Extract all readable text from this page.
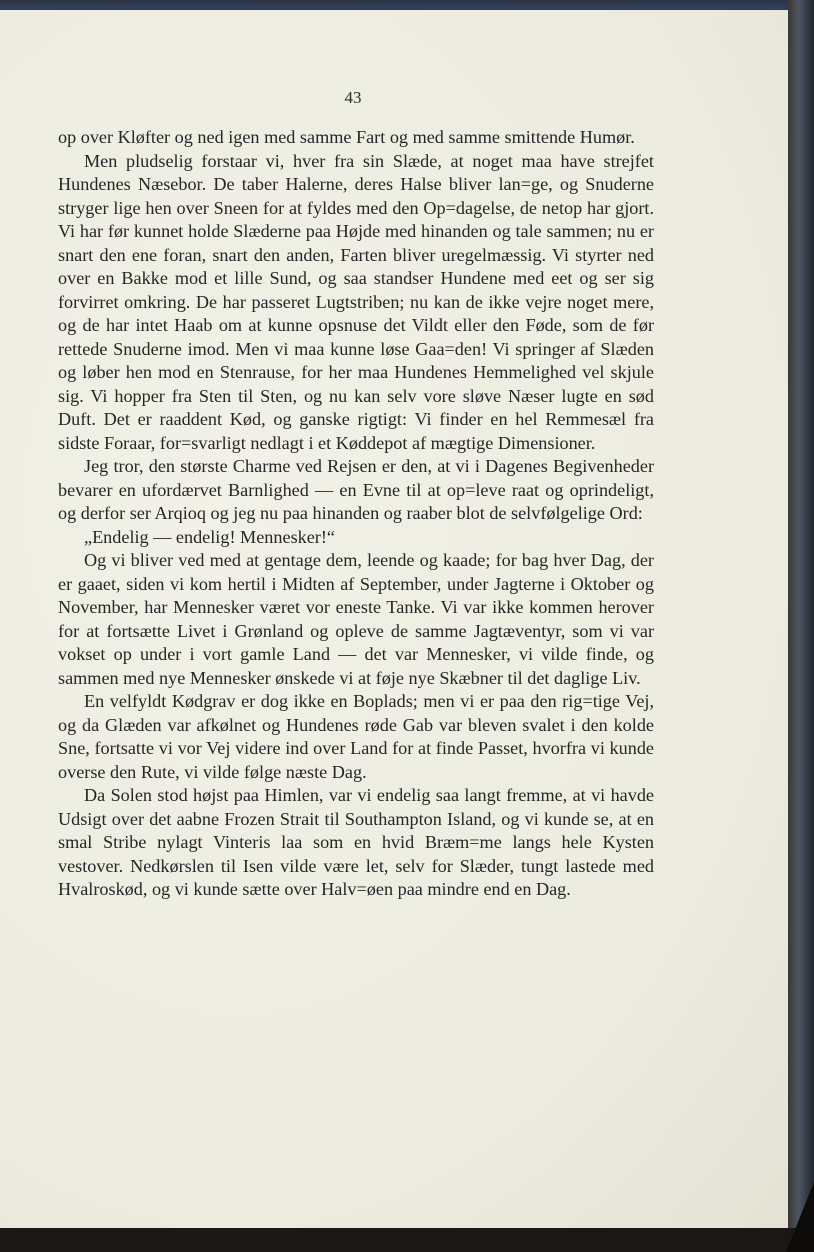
43

op over Kløfter og ned igen med samme Fart og med samme smittende Humør.

Men pludselig forstaar vi, hver fra sin Slæde, at noget maa have strejfet Hundenes Næsebor. De taber Halerne, deres Halse bliver lan=ge, og Snuderne stryger lige hen over Sneen for at fyldes med den Op=dagelse, de netop har gjort. Vi har før kunnet holde Slæderne paa Højde med hinanden og tale sammen; nu er snart den ene foran, snart den anden, Farten bliver uregelmæssig. Vi styrter ned over en Bakke mod et lille Sund, og saa standser Hundene med eet og ser sig forvirret omkring. De har passeret Lugtstriben; nu kan de ikke vejre noget mere, og de har intet Haab om at kunne opsnuse det Vildt eller den Føde, som de før rettede Snuderne imod. Men vi maa kunne løse Gaa=den! Vi springer af Slæden og løber hen mod en Stenrause, for her maa Hundenes Hemmelighed vel skjule sig. Vi hopper fra Sten til Sten, og nu kan selv vore sløve Næser lugte en sød Duft. Det er raaddent Kød, og ganske rigtigt: Vi finder en hel Remmesæl fra sidste Foraar, for=svarligt nedlagt i et Køddepot af mægtige Dimensioner.

Jeg tror, den største Charme ved Rejsen er den, at vi i Dagenes Begivenheder bevarer en ufordærvet Barnlighed — en Evne til at op=leve raat og oprindeligt, og derfor ser Arqioq og jeg nu paa hinanden og raaber blot de selvfølgelige Ord:

„Endelig — endelig! Mennesker!“

Og vi bliver ved med at gentage dem, leende og kaade; for bag hver Dag, der er gaaet, siden vi kom hertil i Midten af September, under Jagterne i Oktober og November, har Mennesker været vor eneste Tanke. Vi var ikke kommen herover for at fortsætte Livet i Grønland og opleve de samme Jagtæventyr, som vi var vokset op under i vort gamle Land — det var Mennesker, vi vilde finde, og sammen med nye Mennesker ønskede vi at føje nye Skæbner til det daglige Liv.

En velfyldt Kødgrav er dog ikke en Boplads; men vi er paa den rig=tige Vej, og da Glæden var afkølnet og Hundenes røde Gab var bleven svalet i den kolde Sne, fortsatte vi vor Vej videre ind over Land for at finde Passet, hvorfra vi kunde overse den Rute, vi vilde følge næste Dag.

Da Solen stod højst paa Himlen, var vi endelig saa langt fremme, at vi havde Udsigt over det aabne Frozen Strait til Southampton Island, og vi kunde se, at en smal Stribe nylagt Vinteris laa som en hvid Bræm=me langs hele Kysten vestover. Nedkørslen til Isen vilde være let, selv for Slæder, tungt lastede med Hvalroskød, og vi kunde sætte over Halv=øen paa mindre end en Dag.
